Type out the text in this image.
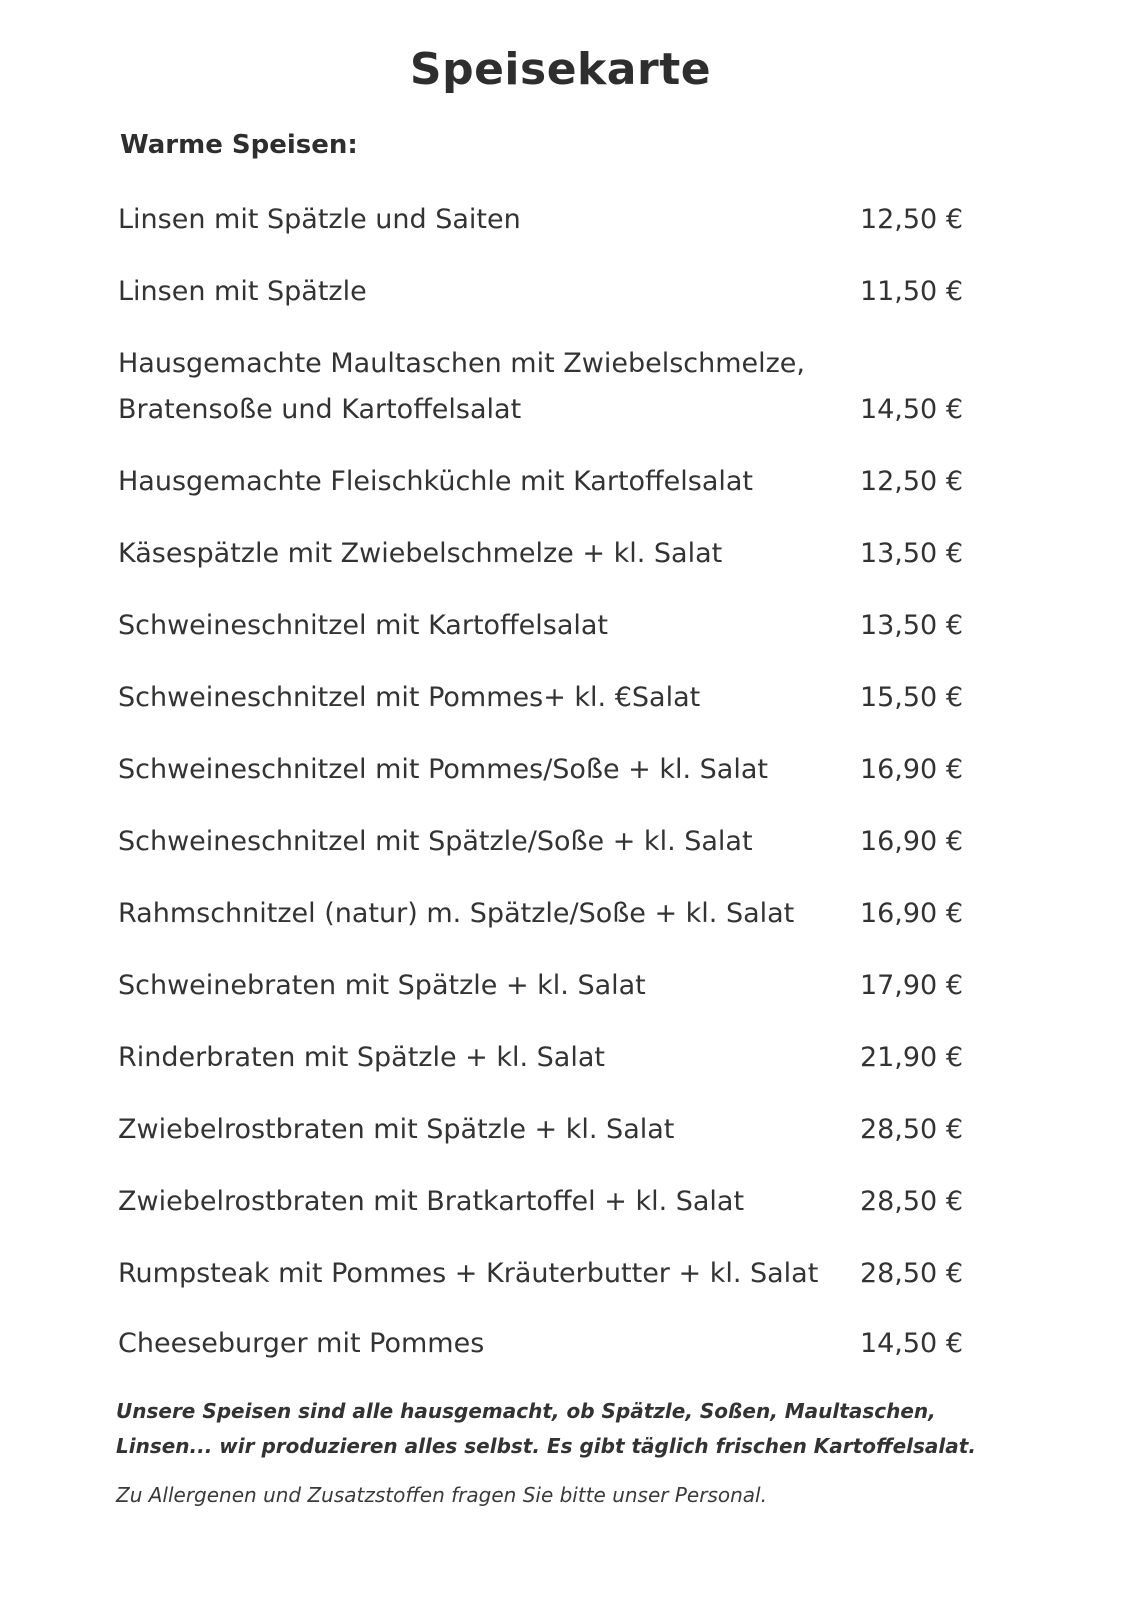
Speisekarte
Warme Speisen:
Linsen mit Spätzle und Saiten	12,50 €
Linsen mit Spätzle	11,50 €
Hausgemachte Maultaschen mit Zwiebelschmelze, Bratensoße und Kartoffelsalat	14,50 €
Hausgemachte Fleischküchle mit Kartoffelsalat	12,50 €
Käsespätzle mit Zwiebelschmelze + kl. Salat	13,50 €
Schweineschnitzel mit Kartoffelsalat	13,50 €
Schweineschnitzel mit Pommes+ kl. €Salat	15,50 €
Schweineschnitzel mit Pommes/Soße + kl. Salat	16,90 €
Schweineschnitzel mit Spätzle/Soße + kl. Salat	16,90 €
Rahmschnitzel (natur) m. Spätzle/Soße + kl. Salat	16,90 €
Schweinebraten mit Spätzle + kl. Salat	17,90 €
Rinderbraten mit Spätzle + kl. Salat	21,90 €
Zwiebelrostbraten mit Spätzle + kl. Salat	28,50 €
Zwiebelrostbraten mit Bratkartoffel + kl. Salat	28,50 €
Rumpsteak mit Pommes + Kräuterbutter + kl. Salat	28,50 €
Cheeseburger mit Pommes	14,50 €
Unsere Speisen sind alle hausgemacht, ob Spätzle, Soßen, Maultaschen, Linsen... wir produzieren alles selbst. Es gibt täglich frischen Kartoffelsalat.
Zu Allergenen und Zusatzstoffen fragen Sie bitte unser Personal.
